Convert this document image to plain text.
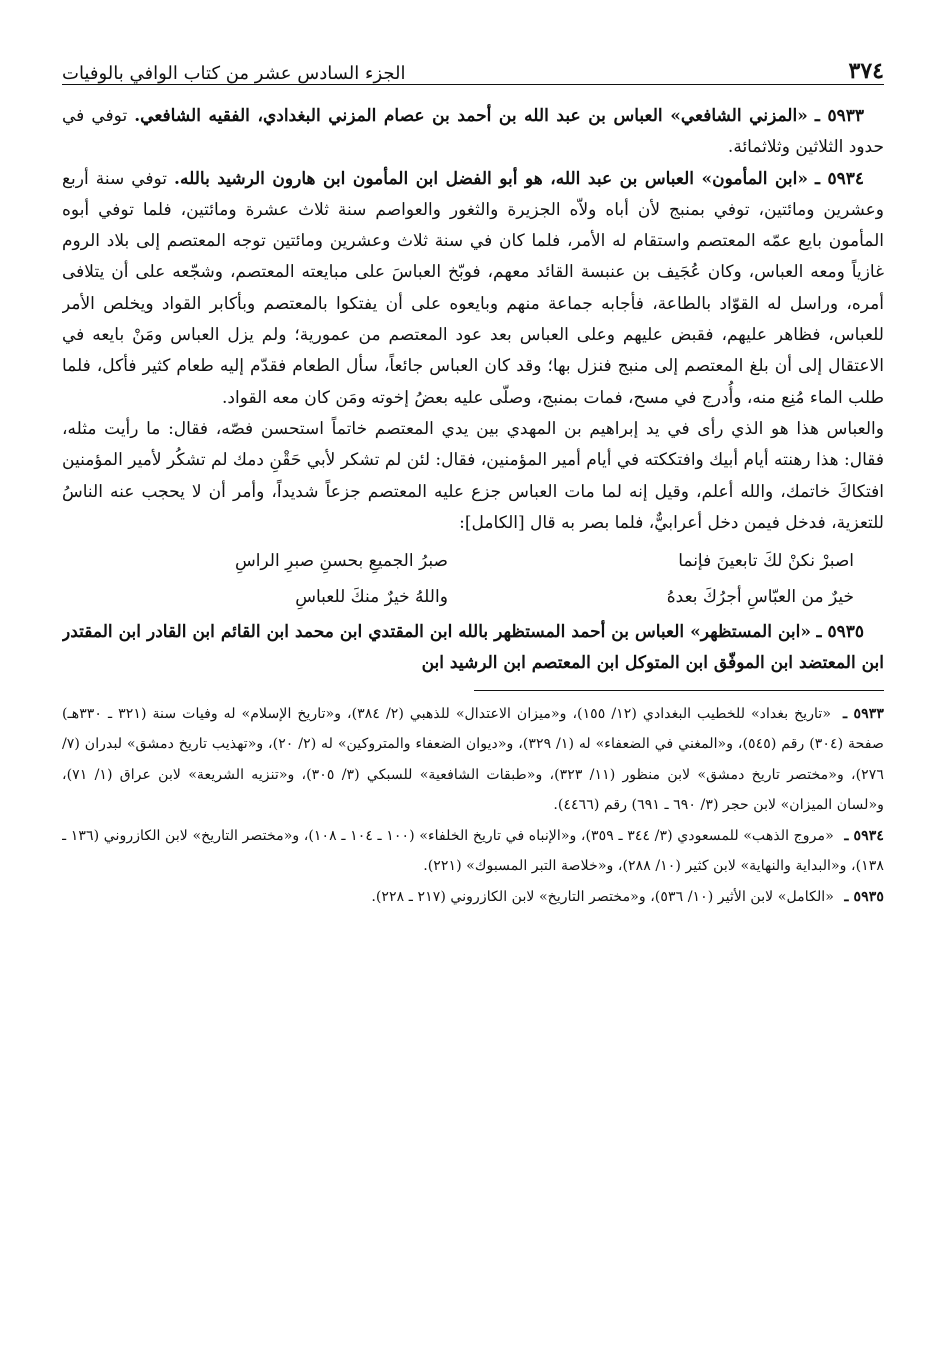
٣٧٤
الجزء السادس عشر من كتاب الوافي بالوفيات

٥٩٣٣ ـ «المزني الشافعي» العباس بن عبد الله بن أحمد بن عصام المزني البغدادي، الفقيه الشافعي. توفي في حدود الثلاثين وثلاثمائة.

٥٩٣٤ ـ «ابن المأمون» العباس بن عبد الله، هو أبو الفضل ابن المأمون ابن هارون الرشيد بالله. توفي سنة أربع وعشرين ومائتين، توفي بمنبج لأن أباه ولاّه الجزيرة والثغور والعواصم سنة ثلاث عشرة ومائتين، فلما توفي أبوه المأمون بايع عمّه المعتصم واستقام له الأمر، فلما كان في سنة ثلاث وعشرين ومائتين توجه المعتصم إلى بلاد الروم غازياً ومعه العباس، وكان عُجَيف بن عنبسة القائد معهم، فوبّخ العباسَ على مبايعته المعتصم، وشجّعه على أن يتلافى أمره، وراسل له القوّاد بالطاعة، فأجابه جماعة منهم وبايعوه على أن يفتكوا بالمعتصم وبأكابر القواد ويخلص الأمر للعباس، فظاهر عليهم، فقبض عليهم وعلى العباس بعد عود المعتصم من عمورية؛ ولم يزل العباس ومَنْ بايعه في الاعتقال إلى أن بلغ المعتصم إلى منبج فنزل بها؛ وقد كان العباس جائعاً، سأل الطعام فقدّم إليه طعام كثير فأكل، فلما طلب الماء مُنِع منه، وأُدرج في مسح، فمات بمنبج، وصلّى عليه بعضُ إخوته ومَن كان معه القواد.

والعباس هذا هو الذي رأى في يد إبراهيم بن المهدي بين يدي المعتصم خاتماً استحسن فصّه، فقال: ما رأيت مثله، فقال: هذا رهنته أيام أبيك وافتككته في أيام أمير المؤمنين، فقال: لئن لم تشكر لأبي حَقْنِ دمك لم تشكُر لأمير المؤمنين افتكاكَ خاتمك، والله أعلم، وقيل إنه لما مات العباس جزع عليه المعتصم جزعاً شديداً، وأمر أن لا يحجب عنه الناسُ للتعزية، فدخل فيمن دخل أعرابيٌّ، فلما بصر به قال [الكامل]:

اصبرْ نكنْ لكَ تابعينَ فإنما
صبرُ الجميعِ بحسنِ صبرِ الراسِ
خيرٌ من العبّاسِ أجرُكَ بعدهُ
واللهُ خيرٌ منكَ للعباسِ

٥٩٣٥ ـ «ابن المستظهر» العباس بن أحمد المستظهر بالله ابن المقتدي ابن محمد ابن القائم ابن القادر ابن المقتدر ابن المعتضد ابن الموفّق ابن المتوكل ابن المعتصم ابن الرشيد ابن

٥٩٣٣ ـ «تاريخ بغداد» للخطيب البغدادي (١٢/ ١٥٥)، و«ميزان الاعتدال» للذهبي (٢/ ٣٨٤)، و«تاريخ الإسلام» له وفيات سنة (٣٢١ ـ ٣٣٠هـ) صفحة (٣٠٤) رقم (٥٤٥)، و«المغني في الضعفاء» له (١/ ٣٢٩)، و«ديوان الضعفاء والمتروكين» له (٢/ ٢٠)، و«تهذيب تاريخ دمشق» لبدران (٧/ ٢٧٦)، و«مختصر تاريخ دمشق» لابن منظور (١١/ ٣٢٣)، و«طبقات الشافعية» للسبكي (٣/ ٣٠٥)، و«تنزيه الشريعة» لابن عراق (١/ ٧١)، و«لسان الميزان» لابن حجر (٣/ ٦٩٠ ـ ٦٩١) رقم (٤٤٦٦).

٥٩٣٤ ـ «مروج الذهب» للمسعودي (٣/ ٣٤٤ ـ ٣٥٩)، و«الإنباه في تاريخ الخلفاء» (١٠٠ ـ ١٠٤ ـ ١٠٨)، و«مختصر التاريخ» لابن الكازروني (١٣٦ ـ ١٣٨)، و«البداية والنهاية» لابن كثير (١٠/ ٢٨٨)، و«خلاصة التبر المسبوك» (٢٢١).

٥٩٣٥ ـ «الكامل» لابن الأثير (١٠/ ٥٣٦)، و«مختصر التاريخ» لابن الكازروني (٢١٧ ـ ٢٢٨).
